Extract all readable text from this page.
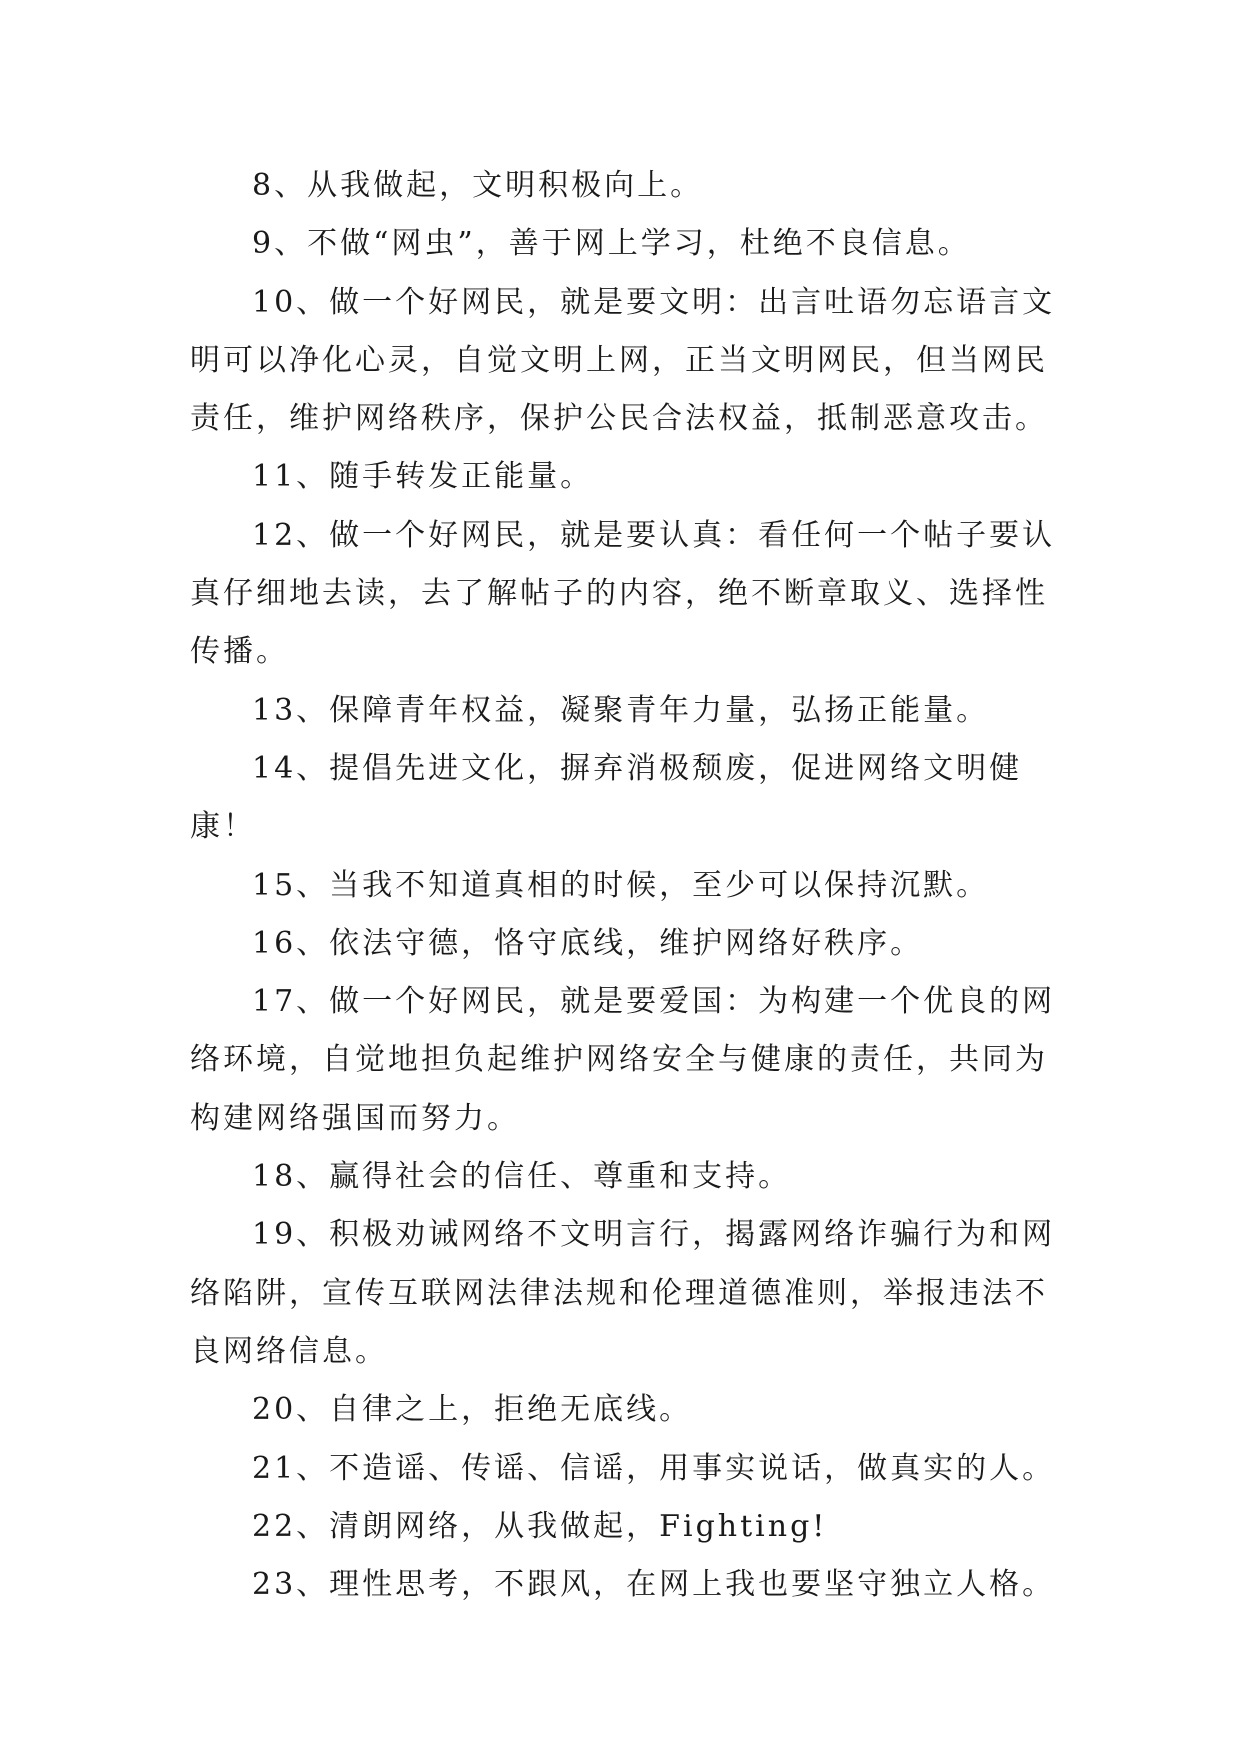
8、从我做起，文明积极向上。

9、不做“网虫”，善于网上学习，杜绝不良信息。

10、做一个好网民，就是要文明：出言吐语勿忘语言文明可以净化心灵，自觉文明上网，正当文明网民，但当网民责任，维护网络秩序，保护公民合法权益，抵制恶意攻击。

11、随手转发正能量。

12、做一个好网民，就是要认真：看任何一个帖子要认真仔细地去读，去了解帖子的内容，绝不断章取义、选择性传播。

13、保障青年权益，凝聚青年力量，弘扬正能量。

14、提倡先进文化，摒弃消极颓废，促进网络文明健康！

15、当我不知道真相的时候，至少可以保持沉默。

16、依法守德，恪守底线，维护网络好秩序。

17、做一个好网民，就是要爱国：为构建一个优良的网络环境，自觉地担负起维护网络安全与健康的责任，共同为构建网络强国而努力。

18、赢得社会的信任、尊重和支持。

19、积极劝诫网络不文明言行，揭露网络诈骗行为和网络陷阱，宣传互联网法律法规和伦理道德准则，举报违法不良网络信息。

20、自律之上，拒绝无底线。

21、不造谣、传谣、信谣，用事实说话，做真实的人。

22、清朗网络，从我做起，Fighting!

23、理性思考，不跟风，在网上我也要坚守独立人格。
